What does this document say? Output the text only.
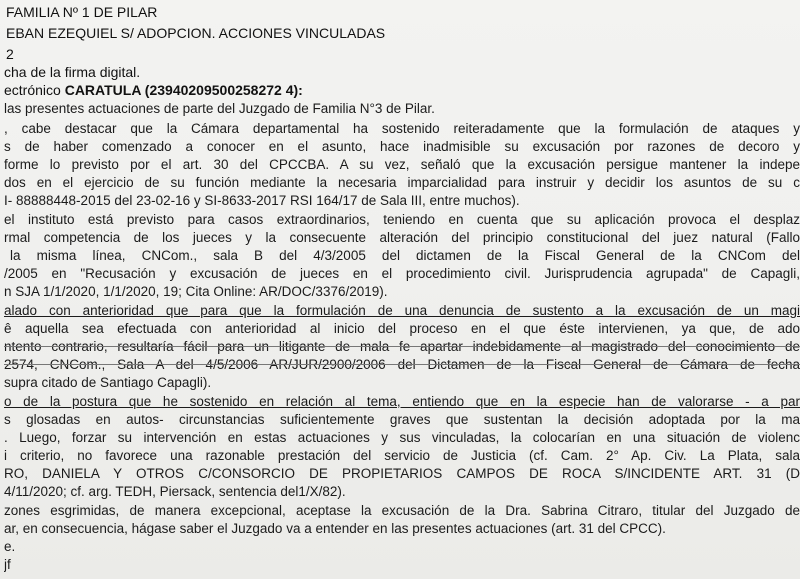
FAMILIA Nº 1 DE PILAR
EBAN EZEQUIEL S/ ADOPCION. ACCIONES VINCULADAS
2
cha de la firma digital.
ectrónico CARATULA (23940209500258272 4):
las presentes actuaciones de parte del Juzgado de Familia N°3 de Pilar.
, cabe destacar que la Cámara departamental ha sostenido reiteradamente que la formulación de ataques y
s de haber comenzado a conocer en el asunto, hace inadmisible su excusación por razones de decoro y
forme lo previsto por el art. 30 del CPCCBA. A su vez, señaló que la excusación persigue mantener la indepe
dos en el ejercicio de su función mediante la necesaria imparcialidad para instruir y decidir los asuntos de su c
I- 88888448-2015 del 23-02-16 y SI-8633-2017 RSI 164/17 de Sala III, entre muchos).
el instituto está previsto para casos extraordinarios, teniendo en cuenta que su aplicación provoca el desplaz
rmal competencia de los jueces y la consecuente alteración del principio constitucional del juez natural (Fallo
la misma línea, CNCom., sala B del 4/3/2005 del dictamen de la Fiscal General de la CNCom del
/2005 en "Recusación y excusación de jueces en el procedimiento civil. Jurisprudencia agrupada" de Capagli,
n SJA 1/1/2020, 1/1/2020, 19; Cita Online: AR/DOC/3376/2019).
alado con anterioridad que para que la formulación de una denuncia de sustento a la excusación de un magi
ê aquella sea efectuada con anterioridad al inicio del proceso en el que éste intervienen, ya que, de ado
ntento contrario, resultaría fácil para un litigante de mala fe apartar indebidamente al magistrado del conocimiento de
2574, CNCom., Sala A del 4/5/2006 AR/JUR/2900/2006 del Dictamen de la Fiscal General de Cámara de fecha
supra citado de Santiago Capagli).
o de la postura que he sostenido en relación al tema, entiendo que en la especie han de valorarse - a par
s glosadas en autos- circunstancias suficientemente graves que sustentan la decisión adoptada por la ma
. Luego, forzar su intervención en estas actuaciones y sus vinculadas, la colocarían en una situación de violenc
i criterio, no favorece una razonable prestación del servicio de Justicia (cf. Cam. 2° Ap. Civ. La Plata, sala
RO, DANIELA Y OTROS C/CONSORCIO DE PROPIETARIOS CAMPOS DE ROCA S/INCIDENTE ART. 31 (D
4/11/2020; cf. arg. TEDH, Piersack, sentencia del1/X/82).
zones esgrimidas, de manera excepcional, aceptase la excusación de la Dra. Sabrina Citraro, titular del Juzgado de
ar, en consecuencia, hágase saber el Juzgado va a entender en las presentes actuaciones (art. 31 del CPCC).
e.
jf
